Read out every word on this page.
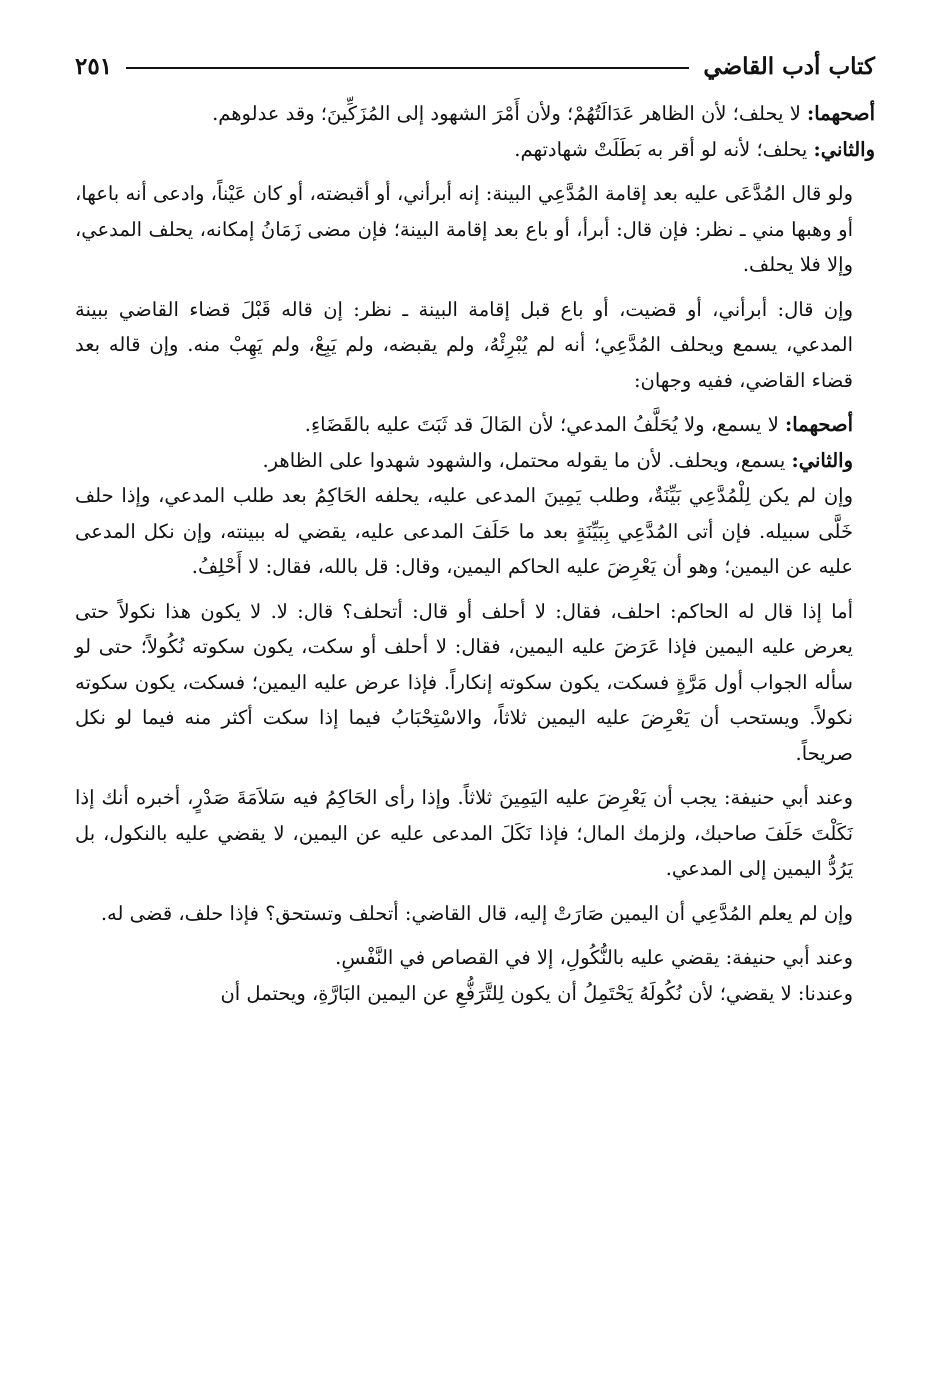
كتاب أدب القاضي
٢٥١

أصحهما: لا يحلف؛ لأن الظاهر عَدَالَتُهُمْ؛ ولأن أَمْرَ الشهود إلى المُزَكِّينَ؛ وقد عدلوهم.

والثاني: يحلف؛ لأنه لو أقر به بَطَلَتْ شهادتهم.

ولو قال المُدَّعَى عليه بعد إقامة المُدَّعِي البينة: إنه أبرأني، أو أقبضته، أو كان عَيْناً، وادعى أنه باعها، أو وهبها مني ـ نظر: فإن قال: أبرأ، أو باع بعد إقامة البينة؛ فإن مضى زَمَانُ إمكانه، يحلف المدعي، وإلا فلا يحلف.

وإن قال: أبرأني، أو قضيت، أو باع قبل إقامة البينة ـ نظر: إن قاله قَبْلَ قضاء القاضي ببينة المدعي، يسمع ويحلف المُدَّعِي؛ أنه لم يُبْرِئْهُ، ولم يقبضه، ولم يَبِعْ، ولم يَهِبْ منه. وإن قاله بعد قضاء القاضي، ففيه وجهان:

أصحهما: لا يسمع، ولا يُحَلَّفُ المدعي؛ لأن المَالَ قد ثَبَتَ عليه بالقَضَاءِ.

والثاني: يسمع، ويحلف. لأن ما يقوله محتمل، والشهود شهدوا على الظاهر.

وإن لم يكن لِلْمُدَّعِي بَيِّنَةٌ، وطلب يَمِينَ المدعى عليه، يحلفه الحَاكِمُ بعد طلب المدعي، وإذا حلف خَلَّى سبيله. فإن أتى المُدَّعِي بِبَيِّنَةٍ بعد ما حَلَفَ المدعى عليه، يقضي له ببينته، وإن نكل المدعى عليه عن اليمين؛ وهو أن يَعْرِضَ عليه الحاكم اليمين، وقال: قل بالله، فقال: لا أَحْلِفُ.

أما إذا قال له الحاكم: احلف، فقال: لا أحلف أو قال: أتحلف؟ قال: لا. لا يكون هذا نكولاً حتى يعرض عليه اليمين فإذا عَرَضَ عليه اليمين، فقال: لا أحلف أو سكت، يكون سكوته نُكُولاً؛ حتى لو سأله الجواب أول مَرَّةٍ فسكت، يكون سكوته إنكاراً. فإذا عرض عليه اليمين؛ فسكت، يكون سكوته نكولاً. ويستحب أن يَعْرِضَ عليه اليمين ثلاثاً، والاسْتِحْبَابُ فيما إذا سكت أكثر منه فيما لو نكل صريحاً.

وعند أبي حنيفة: يجب أن يَعْرِضَ عليه اليَمِينَ ثلاثاً. وإذا رأى الحَاكِمُ فيه سَلاَمَةَ صَدْرٍ، أخبره أنك إذا نَكَلْتَ حَلَفَ صاحبك، ولزمك المال؛ فإذا نَكَلَ المدعى عليه عن اليمين، لا يقضي عليه بالنكول، بل يَرُدُّ اليمين إلى المدعي.

وإن لم يعلم المُدَّعِي أن اليمين صَارَتْ إليه، قال القاضي: أتحلف وتستحق؟ فإذا حلف، قضى له.

وعند أبي حنيفة: يقضي عليه بالنُّكُولِ، إلا في القصاص في النَّفْسِ.

وعندنا: لا يقضي؛ لأن نُكُولَهُ يَحْتَمِلُ أن يكون لِلتَّرَفُّعِ عن اليمين البَارَّةِ، ويحتمل أن
